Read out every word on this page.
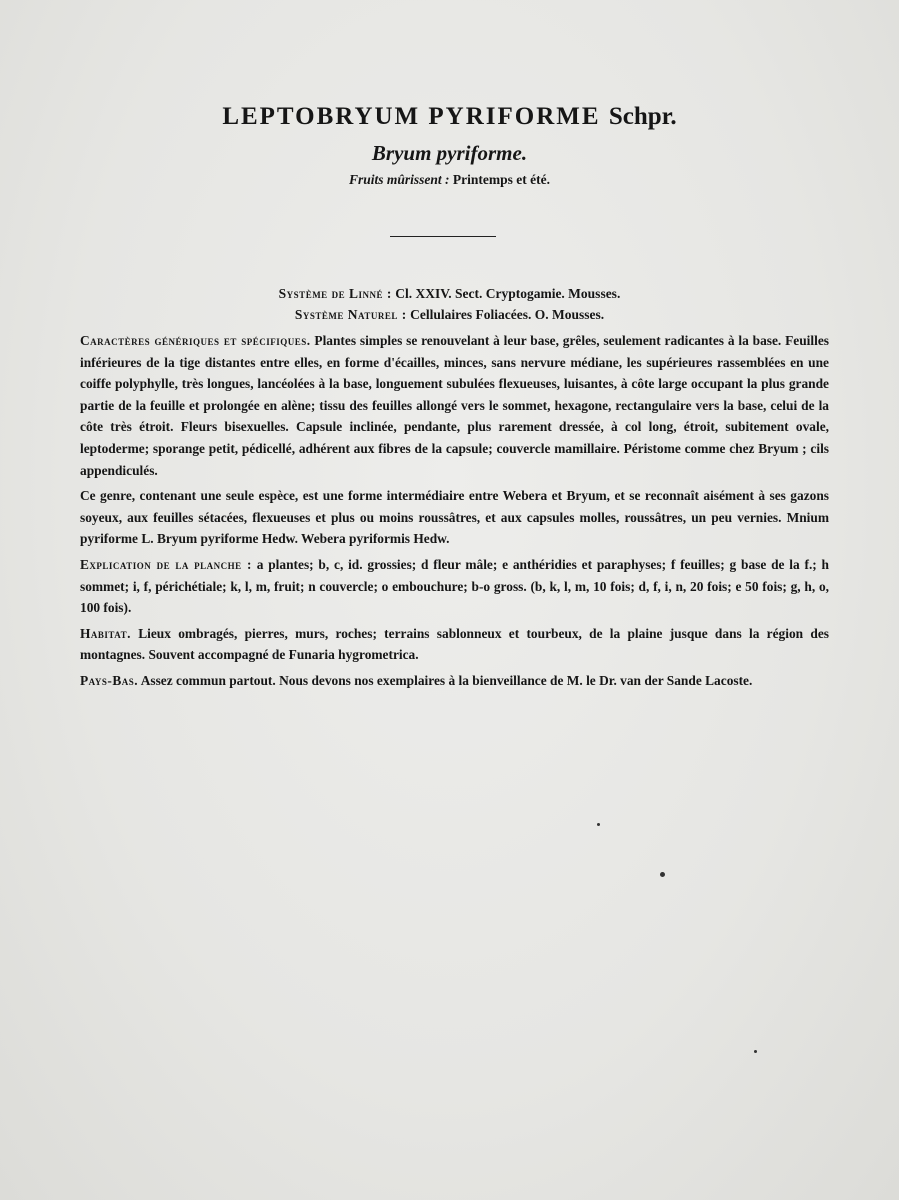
LEPTOBRYUM PYRIFORME Schpr.
Bryum pyriforme.
Fruits mûrissent : Printemps et été.
Système de Linné : Cl. XXIV. Sect. Cryptogamie. Mousses.
Système Naturel : Cellulaires Foliacées. O. Mousses.

Caractères génériques et spécifiques. Plantes simples se renouvelant à leur base, grêles, seulement radicantes à la base. Feuilles inférieures de la tige distantes entre elles, en forme d'écailles, minces, sans nervure médiane, les supérieures rassemblées en une coiffe polyphylle, très longues, lancéolées à la base, longuement subulées flexueuses, luisantes, à côte large occupant la plus grande partie de la feuille et prolongée en alène; tissu des feuilles allongé vers le sommet, hexagone, rectangulaire vers la base, celui de la côte très étroit. Fleurs bisexuelles. Capsule inclinée, pendante, plus rarement dressée, à col long, étroit, subitement ovale, leptoderme; sporange petit, pédicellé, adhérent aux fibres de la capsule; couvercle mamillaire. Péristome comme chez Bryum ; cils appendiculés.

Ce genre, contenant une seule espèce, est une forme intermédiaire entre Webera et Bryum, et se reconnaît aisément à ses gazons soyeux, aux feuilles sétacées, flexueuses et plus ou moins roussâtres, et aux capsules molles, roussâtres, un peu vernies. Mnium pyriforme L. Bryum pyriforme Hedw. Webera pyriformis Hedw.

Explication de la planche : a plantes; b, c, id. grossies; d fleur mâle; e anthéridies et paraphyses; f feuilles; g base de la f.; h sommet; i, f, périchétiale; k, l, m, fruit; n couvercle; o embouchure; b-o gross. (b, k, l, m, 10 fois; d, f, i, n, 20 fois; e 50 fois; g, h, o, 100 fois).

Habitat. Lieux ombragés, pierres, murs, roches; terrains sablonneux et tourbeux, de la plaine jusque dans la région des montagnes. Souvent accompagné de Funaria hygrometrica.

Pays-Bas. Assez commun partout. Nous devons nos exemplaires à la bienveillance de M. le Dr. van der Sande Lacoste.
